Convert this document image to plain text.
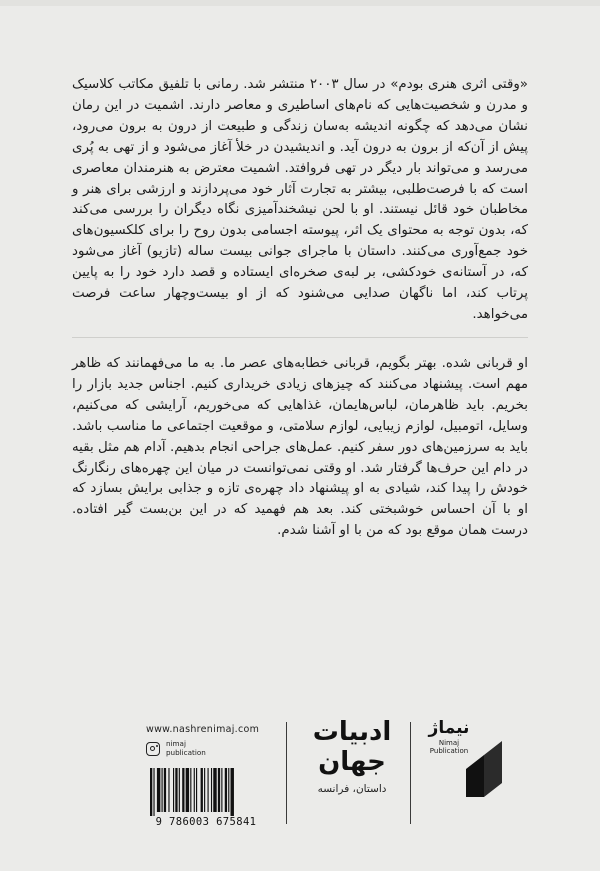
«وقتی اثری هنری بودم» در سال ۲۰۰۳ منتشر شد. رمانی با تلفیق مکاتب کلاسیک و مدرن و شخصیت‌هایی که نام‌های اساطیری و معاصر دارند. اشمیت در این رمان نشان می‌دهد که چگونه اندیشه به‌سان زندگی و طبیعت از درون به برون می‌رود، پیش از آن‌که از برون به درون آید. و اندیشیدن در خلأ آغاز می‌شود و از تهی به پُری می‌رسد و می‌تواند بار دیگر در تهی فروافتد. اشمیت معترض به هنرمندان معاصری است که با فرصت‌طلبی، بیشتر به تجارت آثار خود می‌پردازند و ارزشی برای هنر و مخاطبان خود قائل نیستند. او با لحن نیشخندآمیزی نگاه دیگران را بررسی می‌کند که، بدون توجه به محتوای یک اثر، پیوسته اجسامی بدون روح را برای کلکسیون‌های خود جمع‌آوری می‌کنند. داستان با ماجرای جوانی بیست ساله (تازیو) آغاز می‌شود که، در آستانه‌ی خودکشی، بر لبه‌ی صخره‌ای ایستاده و قصد دارد خود را به پایین پرتاب کند، اما ناگهان صدایی می‌شنود که از او بیست‌وچهار ساعت فرصت می‌خواهد.

او قربانی شده. بهتر بگویم، قربانی خطابه‌های عصر ما. به ما می‌فهمانند که ظاهر مهم است. پیشنهاد می‌کنند که چیزهای زیادی خریداری کنیم. اجناس جدید بازار را بخریم. باید ظاهرمان، لباس‌هایمان، غذاهایی که می‌خوریم، آرایشی که می‌کنیم، وسایل، اتومبیل، لوازم زیبایی، لوازم سلامتی، و موقعیت اجتماعی ما مناسب باشد. باید به سرزمین‌های دور سفر کنیم. عمل‌های جراحی انجام بدهیم. آدام هم مثل بقیه در دام این حرف‌ها گرفتار شد. او وقتی نمی‌توانست در میان این چهره‌های رنگارنگ خودش را پیدا کند، شیادی به او پیشنهاد داد چهره‌ی تازه و جذابی برایش بسازد که او با آن احساس خوشبختی کند. بعد هم فهمید که در این بن‌بست گیر افتاده. درست همان موقع بود که من با او آشنا شدم.

www.nashrenimaj.com

nimaj
publication

9 786003 675841

ادبیات
جهان

داستان، فرانسه

نیماژ

Nimaj

Publication
